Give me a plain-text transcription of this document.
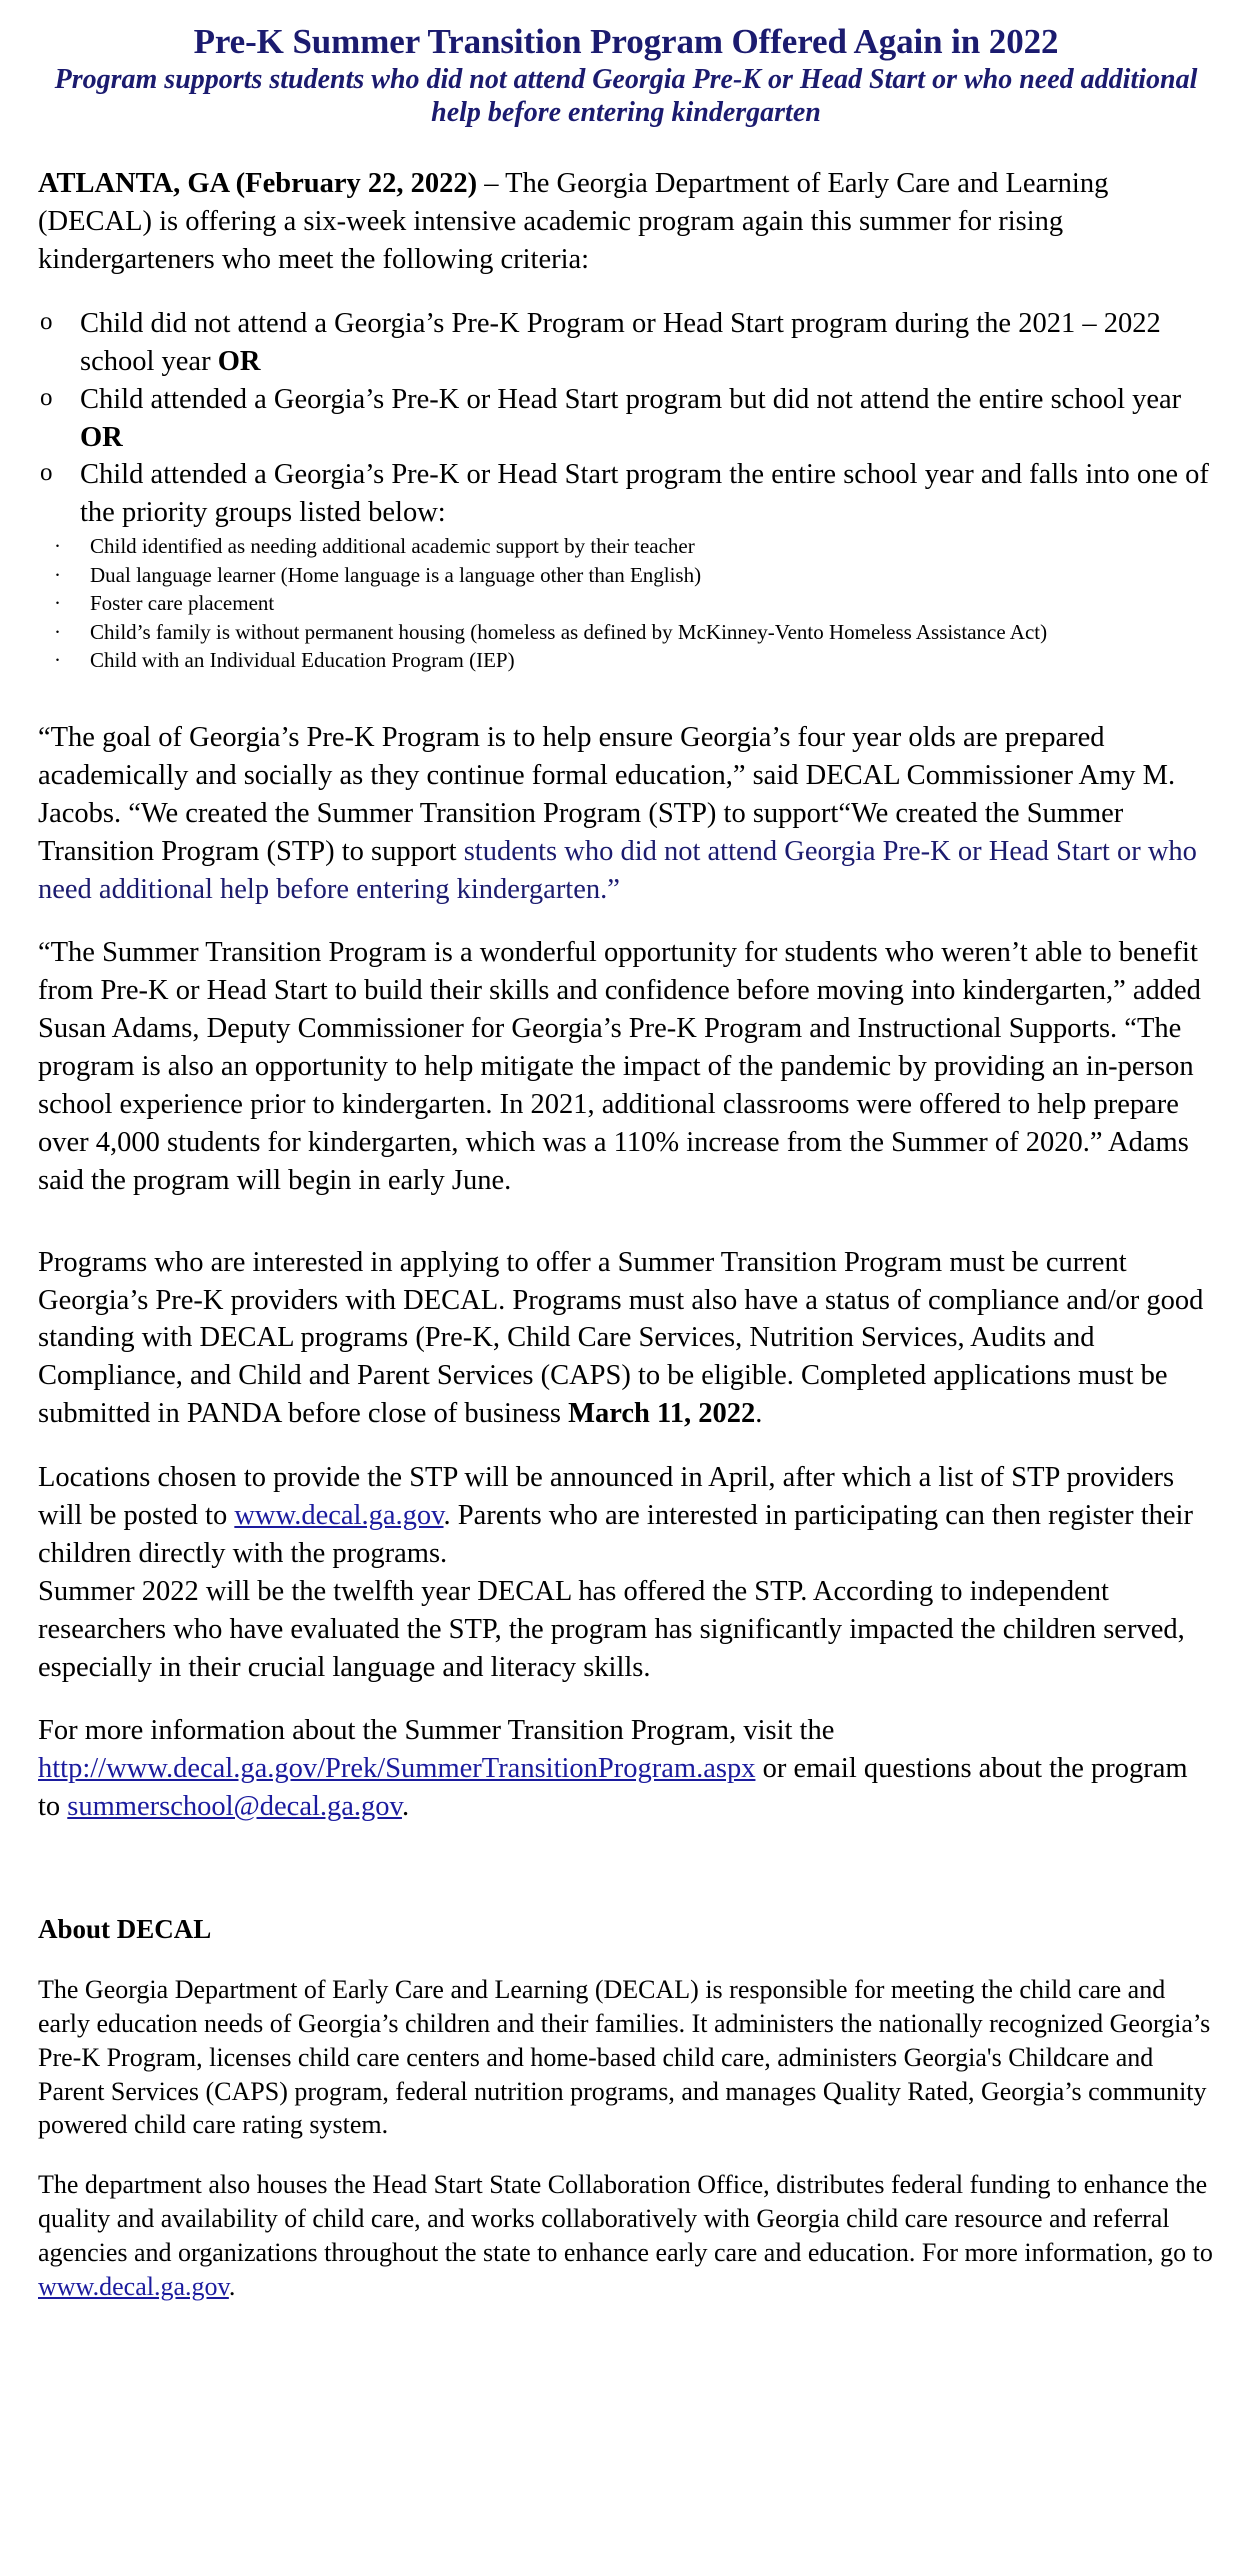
Pre-K Summer Transition Program Offered Again in 2022
Program supports students who did not attend Georgia Pre-K or Head Start or who need additional help before entering kindergarten

ATLANTA, GA (February 22, 2022) – The Georgia Department of Early Care and Learning (DECAL) is offering a six-week intensive academic program again this summer for rising kindergarteners who meet the following criteria:

o Child did not attend a Georgia’s Pre-K Program or Head Start program during the 2021 – 2022 school year OR
o Child attended a Georgia’s Pre-K or Head Start program but did not attend the entire school year OR
o Child attended a Georgia’s Pre-K or Head Start program the entire school year and falls into one of the priority groups listed below:
· Child identified as needing additional academic support by their teacher
· Dual language learner (Home language is a language other than English)
· Foster care placement
·	Child’s family is without permanent housing (homeless as defined by McKinney-Vento Homeless Assistance Act)
· Child with an Individual Education Program (IEP)

“The goal of Georgia’s Pre-K Program is to help ensure Georgia’s four year olds are prepared academically and socially as they continue formal education,” said DECAL Commissioner Amy M. Jacobs. “We created the Summer Transition Program (STP) to support“We created the Summer Transition Program (STP) to support students who did not attend Georgia Pre-K or Head Start or who need additional help before entering kindergarten.”

“The Summer Transition Program is a wonderful opportunity for students who weren’t able to benefit from Pre-K or Head Start to build their skills and confidence before moving into kindergarten,” added Susan Adams, Deputy Commissioner for Georgia’s Pre-K Program and Instructional Supports. “The program is also an opportunity to help mitigate the impact of the pandemic by providing an in-person school experience prior to kindergarten. In 2021, additional classrooms were offered to help prepare over 4,000 students for kindergarten, which was a 110% increase from the Summer of 2020.” Adams said the program will begin in early June.

Programs who are interested in applying to offer a Summer Transition Program must be current Georgia’s Pre-K providers with DECAL. Programs must also have a status of compliance and/or good standing with DECAL programs (Pre-K, Child Care Services, Nutrition Services, Audits and Compliance, and Child and Parent Services (CAPS) to be eligible. Completed applications must be submitted in PANDA before close of business March 11, 2022.

Locations chosen to provide the STP will be announced in April, after which a list of STP providers will be posted to www.decal.ga.gov. Parents who are interested in participating can then register their children directly with the programs.

Summer 2022 will be the twelfth year DECAL has offered the STP. According to independent researchers who have evaluated the STP, the program has significantly impacted the children served, especially in their crucial language and literacy skills.

For more information about the Summer Transition Program, visit the http://www.decal.ga.gov/Prek/SummerTransitionProgram.aspx or email questions about the program to summerschool@decal.ga.gov.

About DECAL

The Georgia Department of Early Care and Learning (DECAL) is responsible for meeting the child care and early education needs of Georgia’s children and their families. It administers the nationally recognized Georgia’s Pre-K Program, licenses child care centers and home-based child care, administers Georgia's Childcare and Parent Services (CAPS) program, federal nutrition programs, and manages Quality Rated, Georgia’s community powered child care rating system.

The department also houses the Head Start State Collaboration Office, distributes federal funding to enhance the quality and availability of child care, and works collaboratively with Georgia child care resource and referral agencies and organizations throughout the state to enhance early care and education. For more information, go to www.decal.ga.gov.
